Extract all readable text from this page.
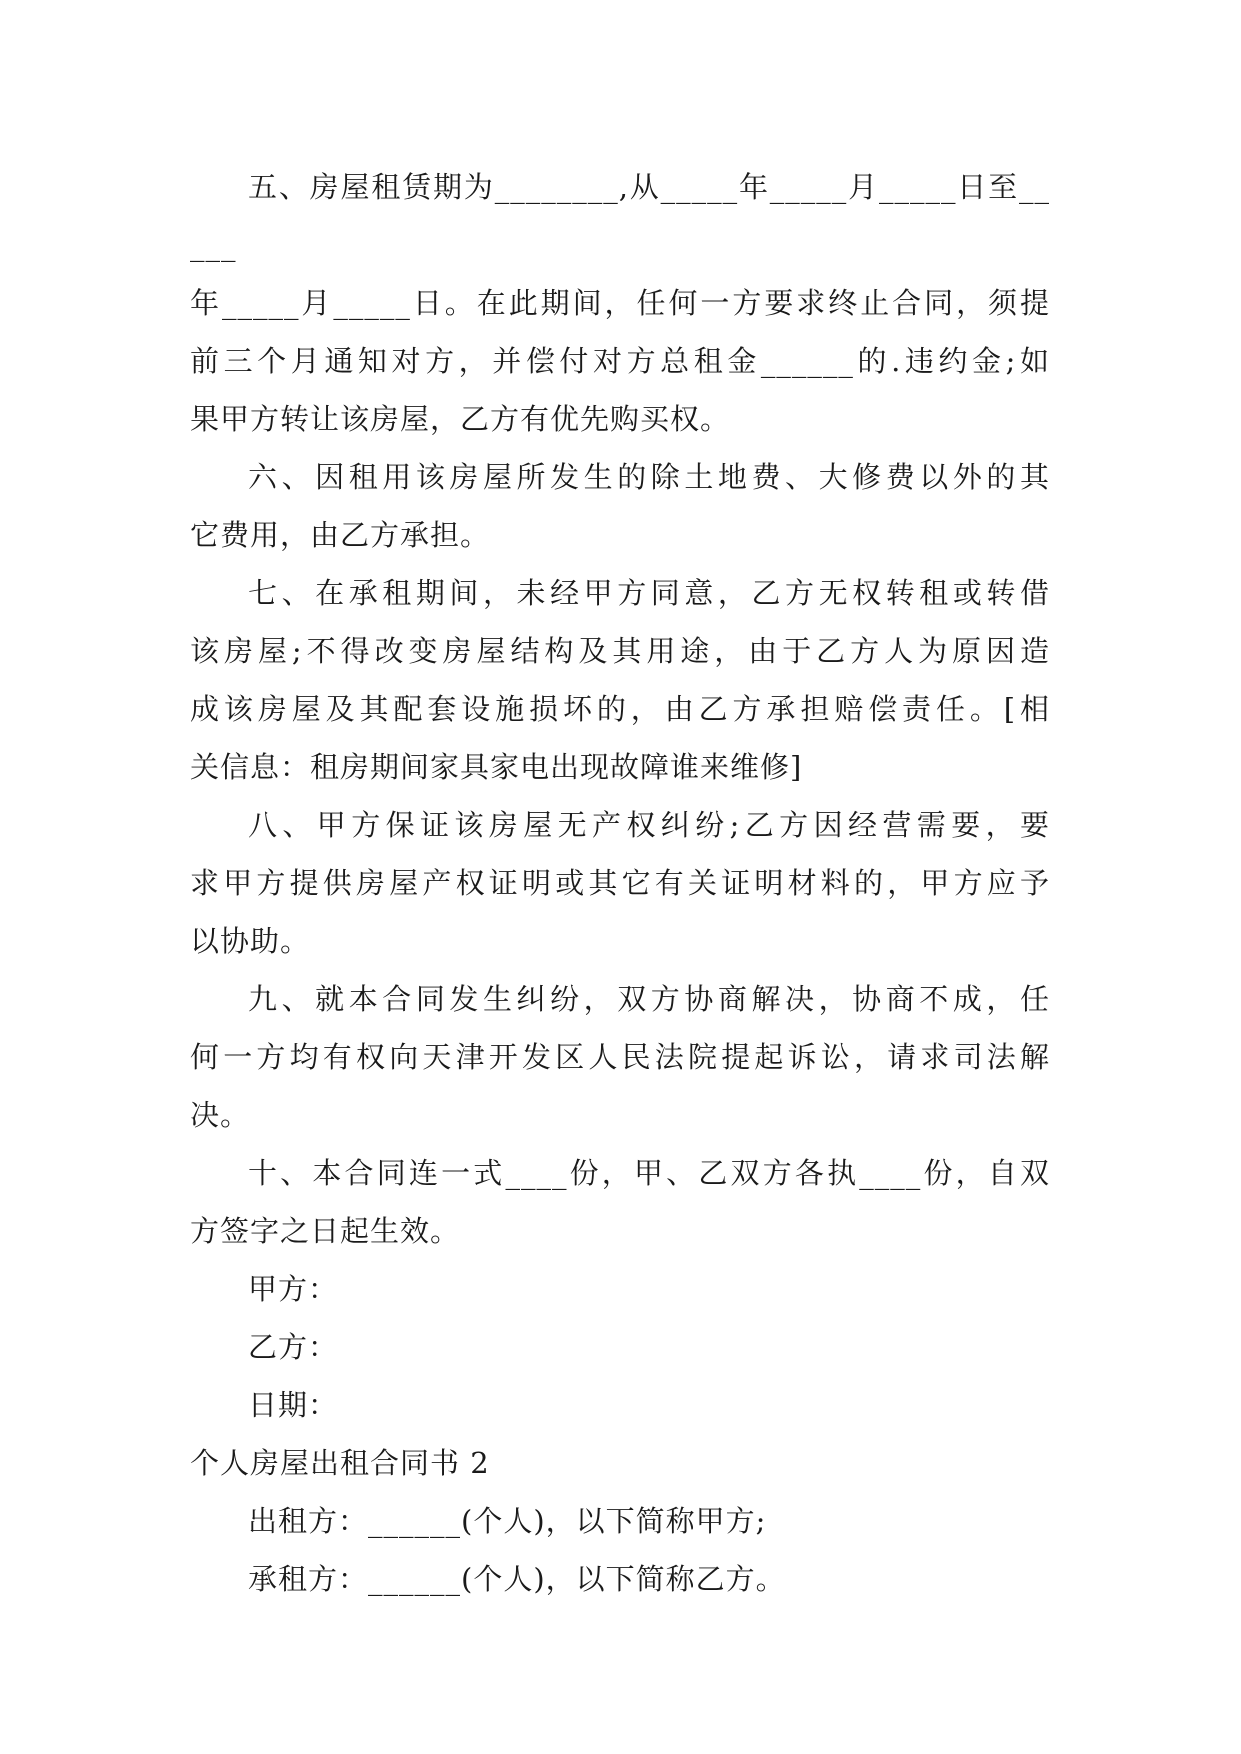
五、房屋租赁期为________,从_____年_____月_____日至_____
年_____月_____日。在此期间，任何一方要求终止合同，须提
前三个月通知对方，并偿付对方总租金______的.违约金;如
果甲方转让该房屋，乙方有优先购买权。

六、因租用该房屋所发生的除土地费、大修费以外的其
它费用，由乙方承担。

七、在承租期间，未经甲方同意，乙方无权转租或转借
该房屋;不得改变房屋结构及其用途，由于乙方人为原因造
成该房屋及其配套设施损坏的，由乙方承担赔偿责任。[相
关信息：租房期间家具家电出现故障谁来维修]

八、甲方保证该房屋无产权纠纷;乙方因经营需要，要
求甲方提供房屋产权证明或其它有关证明材料的，甲方应予
以协助。

九、就本合同发生纠纷，双方协商解决，协商不成，任
何一方均有权向天津开发区人民法院提起诉讼，请求司法解
决。

十、本合同连一式____份，甲、乙双方各执____份，自双
方签字之日起生效。

甲方：

乙方：

日期：

个人房屋出租合同书 2

出租方：______(个人)，以下简称甲方;

承租方：______(个人)，以下简称乙方。
